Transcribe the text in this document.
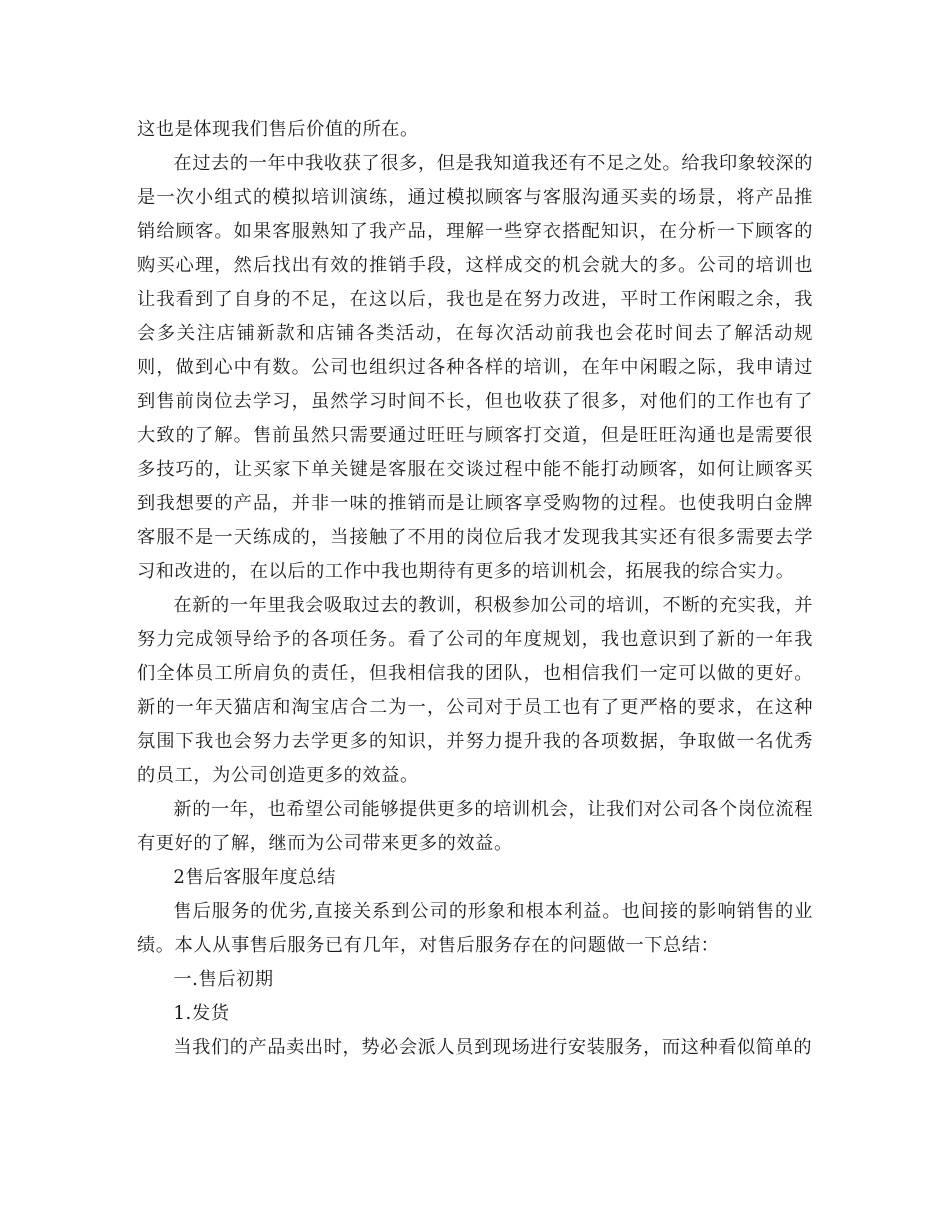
这也是体现我们售后价值的所在。

在过去的一年中我收获了很多，但是我知道我还有不足之处。给我印象较深的是一次小组式的模拟培训演练，通过模拟顾客与客服沟通买卖的场景，将产品推销给顾客。如果客服熟知了我产品，理解一些穿衣搭配知识，在分析一下顾客的购买心理，然后找出有效的推销手段，这样成交的机会就大的多。公司的培训也让我看到了自身的不足，在这以后，我也是在努力改进，平时工作闲暇之余，我会多关注店铺新款和店铺各类活动，在每次活动前我也会花时间去了解活动规则，做到心中有数。公司也组织过各种各样的培训，在年中闲暇之际，我申请过到售前岗位去学习，虽然学习时间不长，但也收获了很多，对他们的工作也有了大致的了解。售前虽然只需要通过旺旺与顾客打交道，但是旺旺沟通也是需要很多技巧的，让买家下单关键是客服在交谈过程中能不能打动顾客，如何让顾客买到我想要的产品，并非一味的推销而是让顾客享受购物的过程。也使我明白金牌客服不是一天练成的，当接触了不用的岗位后我才发现我其实还有很多需要去学习和改进的，在以后的工作中我也期待有更多的培训机会，拓展我的综合实力。

在新的一年里我会吸取过去的教训，积极参加公司的培训，不断的充实我，并努力完成领导给予的各项任务。看了公司的年度规划，我也意识到了新的一年我们全体员工所肩负的责任，但我相信我的团队，也相信我们一定可以做的更好。新的一年天猫店和淘宝店合二为一，公司对于员工也有了更严格的要求，在这种氛围下我也会努力去学更多的知识，并努力提升我的各项数据，争取做一名优秀的员工，为公司创造更多的效益。

新的一年，也希望公司能够提供更多的培训机会，让我们对公司各个岗位流程有更好的了解，继而为公司带来更多的效益。

2售后客服年度总结

售后服务的优劣,直接关系到公司的形象和根本利益。也间接的影响销售的业绩。本人从事售后服务已有几年，对售后服务存在的问题做一下总结：

一.售后初期

1.发货

当我们的产品卖出时，势必会派人员到现场进行安装服务，而这种看似简单的
